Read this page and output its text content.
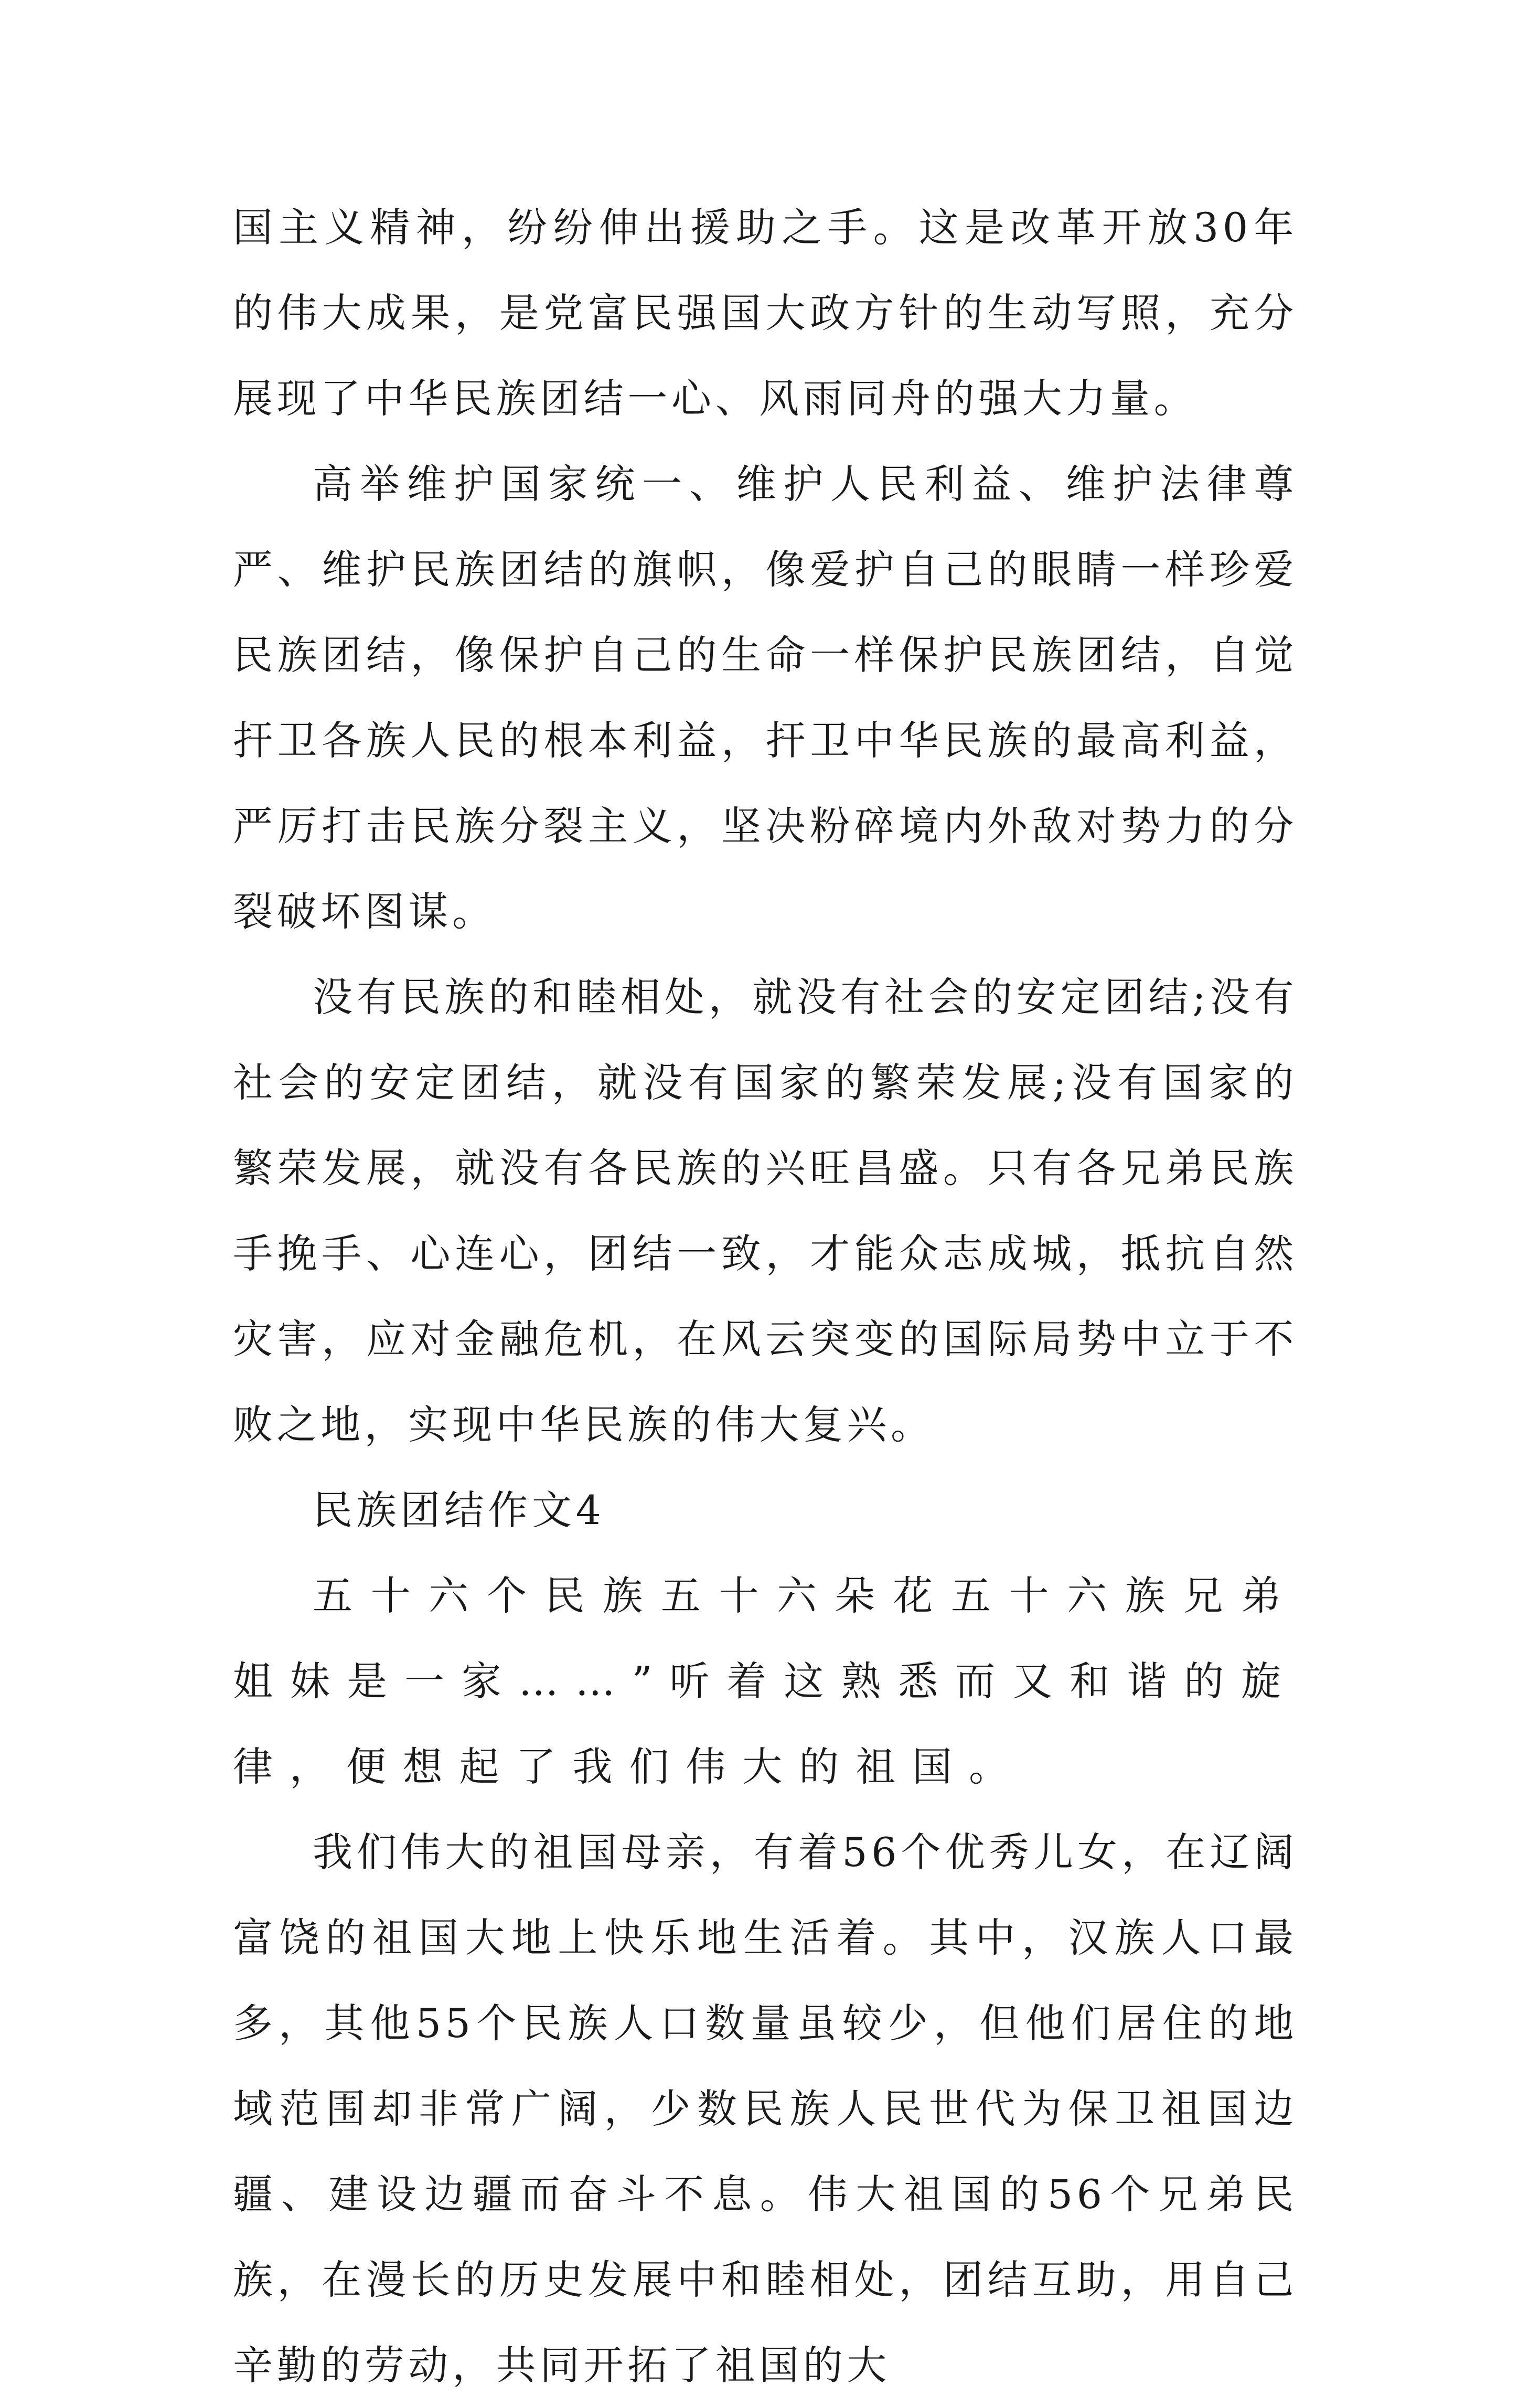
国主义精神，纷纷伸出援助之手。这是改革开放30年的伟大成果，是党富民强国大政方针的生动写照，充分展现了中华民族团结一心、风雨同舟的强大力量。

高举维护国家统一、维护人民利益、维护法律尊严、维护民族团结的旗帜，像爱护自己的眼睛一样珍爱民族团结，像保护自己的生命一样保护民族团结，自觉扞卫各族人民的根本利益，扞卫中华民族的最高利益，严厉打击民族分裂主义，坚决粉碎境内外敌对势力的分裂破坏图谋。

没有民族的和睦相处，就没有社会的安定团结;没有社会的安定团结，就没有国家的繁荣发展;没有国家的繁荣发展，就没有各民族的兴旺昌盛。只有各兄弟民族手挽手、心连心，团结一致，才能众志成城，抵抗自然灾害，应对金融危机，在风云突变的国际局势中立于不败之地，实现中华民族的伟大复兴。

民族团结作文4

五十六个民族五十六朵花五十六族兄弟姐妹是一家……”听着这熟悉而又和谐的旋律，便想起了我们伟大的祖国。

我们伟大的祖国母亲，有着56个优秀儿女，在辽阔富饶的祖国大地上快乐地生活着。其中，汉族人口最多，其他55个民族人口数量虽较少，但他们居住的地域范围却非常广阔，少数民族人民世代为保卫祖国边疆、建设边疆而奋斗不息。伟大祖国的56个兄弟民族，在漫长的历史发展中和睦相处，团结互助，用自己辛勤的劳动，共同开拓了祖国的大
